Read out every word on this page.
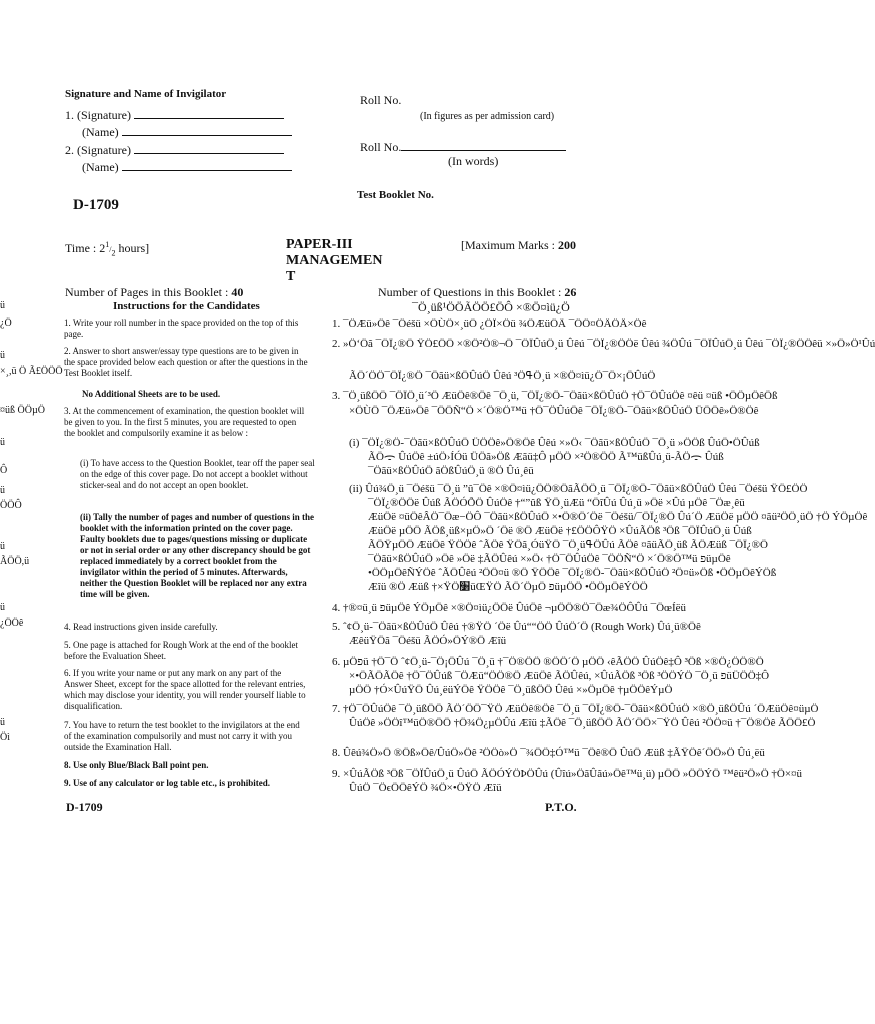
Signature and Name of Invigilator
1. (Signature)
(Name)
2. (Signature)
(Name)
Roll No.
(In figures as per admission card)
Roll No.
(In words)
Test Booklet No.
D-1709
Time : $2^1/_2$ hours]	PAPER-III
MANAGEMEN
T
[Maximum Marks : 200
Number of Pages in this Booklet : 40	Number of Questions in this Booklet : 26
Instructions for the Candidates
1. Write your roll number in the space provided on the top of this page.
2. Answer to short answer/essay type questions are to be given in the space provided below each question or after the questions in the Test Booklet itself.
No Additional Sheets are to be used.
3. At the commencement of examination, the question booklet will be given to you. In the first 5 minutes, you are requested to open the booklet and compulsorily examine it as below :
(i) To have access to the Question Booklet, tear off the paper seal on the edge of this cover page. Do not accept a booklet without sticker-seal and do not accept an open booklet.
(ii) Tally the number of pages and number of questions in the booklet with the information printed on the cover page. Faulty booklets due to pages/questions missing or duplicate or not in serial order or any other discrepancy should be got replaced immediately by a correct booklet from the invigilator within the period of 5 minutes. Afterwards, neither the Question Booklet will be replaced nor any extra time will be given.
4. Read instructions given inside carefully.
5. One page is attached for Rough Work at the end of the booklet before the Evaluation Sheet.
6. If you write your name or put any mark on any part of the Answer Sheet, except for the space allotted for the relevant entries, which may disclose your identity, you will render yourself liable to disqualification.
7. You have to return the test booklet to the invigilators at the end of the examination compulsorily and must not carry it with you outside the Examination Hall.
8. Use only Blue/Black Ball point pen.
9. Use of any calculator or log table etc., is prohibited.
¯Ö¸üß¹ÖÖÃÖÖ£ÖÔ ×®Ö¤ìü¿Ö
1. ¯ÖÆü»Öê ¯Öéšü ×ÖÙÖ×¸üÖ ¿ÖÏ×Öü ¾ÖÆüÖÄ ¯ÖÖ¤ÖÄÖÄ×Öê
2. »Ö‘Öã ¯ÖÏ¿®Ö ŸÖ£ÖÖ ×®Ö²Ö®¬Ö ¯ÖÏÛúÖ¸ü Ûêú ¯ÖÏ¿®ÖÖë Ûêú ¾ÖÛú ¯ÖÏÛúÖ¸ü Ûêú ¯ÖÏ¿®ÖÖêü ×»Ö»Ö¹Ûú
ÃÖ´ÖÖ¯ÖÏ¿®Ö ¯Öãü×ßÖÛúÖ Ûêú ³ÖߟÖ¸ü ×®Ö¤ìü¿Ö¯Ö×¡ÖÛúÖ
3. ¯Ö¸üßÖÖ ¯ÖÏÖ¸ü´³Ö ÆüÖê®Öê ¯Ö¸ü, ¯ÖÏ¿®Ö-¯Öãü×ßÖÛúÖ †Ö¯ÖÛúÖê ¤êü ¤üß •ÖÖµÖêÖß
×ÖÙÖ ¯ÖÆü»Öê ¯ÖÖÑ“Ö ×´Ö®Ö™ü †Ö¯ÖÛúÖê ¯ÖÏ¿®Ö-¯Öãü×ßÖÛúÖ ÜÖÖê»Ö®Öê
(i) ¯ÖÏ¿®Ö-¯Öãü×ßÖÛúÖ ÜÖÖê»Ö®Öê Ûêú ×»Ö‹ ¯Öãü×ßÖÛúÖ ¯Ö¸ü »ÖÖß ÛúÖ•ÖÛúß
ÃÖᯙ ÛúÖê ±úÖ›ÍÓü ÜÖã»Öß Æãü‡Ô µÖÖ ×²Ö®ÖÖ Ã™üßÛú¸ü-ÃÖᯙ Ûúß
¯Öãü×ßÖÛúÖ ãÖßÛúÖ¸ü ®Ö Ûú¸êü
(ii) Ûú¾Ö¸ü ¯Öéšü ¯Ö¸ü ”û¯Öê ×®Ö¤ìü¿ÖÖ®ÖãÃÖÖ¸ü ¯ÖÏ¿®Ö-¯Öãü×ßÖÛúÖ Ûêú ¯Öéšü ŸÖ£ÖÖ
¯ÖÏ¿®ÖÖë Ûúß ÃÖÓܵÖÖ ÛúÖê †“”ûß ŸÖ¸üÆü “ÖîÛú Ûú¸ü »Öë ×Ûú µÖê ¯Öæ¸êü
ÆüÖë ¤üÖêÂÖ¯Öæ−ÖÔ ¯Öãü×ßÖÛúÖ ×•Ö®Ö´Öë ¯Öéšü/¯ÖÏ¿®Ö Ûú´Ö ÆüÖë µÖÖ ¤ãü²ÖÖ¸üÖ †Ö ÝÖµÖê
ÆüÖë µÖÖ ÃÖß¸üß×µÖ»Ö ´Öë ®Ö ÆüÖë †£ÖÖÔŸÖ ×ÛúÃÖß ³Öß ¯ÖÏÛúÖ¸ü Ûúß
ÃÖŸµÖÖ ÆüÖê ŸÖÖê ˆÃÖê ŸÖã¸ÓüŸÖ ¯Ö¸üߟÖÛú ÃÖê ¤ãüÃÖ¸üß ÃÖÆüß ¯ÖÏ¿®Ö
¯Öãü×ßÖÛúÖ »Öê »Öë ‡ÃÖÛêú ×»Ö‹ †Ö¯ÖÛúÖê ¯ÖÖÑ“Ö ×´Ö®Ö™ü פüµÖê
•ÖÖµÖêÑÝÖê ˆÃÖÛêú ²ÖÖ¤ü ®Ö ŸÖÖê ¯ÖÏ¿®Ö-¯Öãü×ßÖÛúÖ ²Ö¤ü»Öß •ÖÖµÖêÝÖß
Æîü ®Ö Æüß †×ŸÖ׸üŒŸÖ ÃÖ´ÖµÖ פüµÖÖ •ÖÖµÖêÝÖÖ
4. †®¤ü¸ü פüµÖê ÝÖµÖê ×®Ö¤ìü¿ÖÖë ÛúÖê ¬µÖÖ®Ö¯Öæ¾ÖÔÛú ¯ÖœÍëü
5. ˆ¢Ö¸ü-¯Öãü×ßÖÛúÖ Ûêú †®ŸÖ ´Öë Ûú““ÖÖ ÛúÖ´Ö (Rough Work) Ûú¸ü®Öê
ÆêüŸÖã ¯Öéšü ÃÖÓ»ÖÝ®Ö Æîü
6. µÖפü †Ö¯Ö ˆ¢Ö¸ü-¯Ö¡ÖÛú ¯Ö¸ü †¯Ö®ÖÖ ®ÖÖ´Ö µÖÖ ‹êÃÖÖ ÛúÖê‡Ô ³Öß ×®Ö¿ÖÖ®Ö
×•ÖÃÖÃÖê †Ö¯ÖÛúß ¯ÖÆü“ÖÖ®Ö ÆüÖê ÃÖÛêú, ×ÛúÃÖß ³Öß ³ÖÖÝÖ ¯Ö¸ü פüÜÖÖ‡Ô
µÖÖ †Ó×ÛúŸÖ Ûú¸ëüÝÖê ŸÖÖê ¯Ö¸üßÖÖ Ûêú ×»ÖµÖê †µÖÖêÝµÖ
7. †Ö¯ÖÛúÖê ¯Ö¸üßÖÖ ÃÖ´ÖÖ¯ŸÖ ÆüÖê®Öê ¯Ö¸ü ¯ÖÏ¿®Ö-¯Öãü×ßÖÛúÖ ×®Ö¸üßÖÛú ´ÖÆüÖê¤üµÖ
ÛúÖê »ÖÖî™üÖ®ÖÖ †Ö¾Ö¿µÖÛú Æîü ‡ÃÖê ¯Ö¸üßÖÖ ÃÖ´ÖÖ×¯ŸÖ Ûêú ²ÖÖ¤ü †¯Ö®Öê ÃÖÖ£Ö
8. Ûêú¾Ö»Ö ®Öß»Öê/ÛúÖ»Öê ²ÖÖò»Ö ¯¾ÖÖ‡Ó™ü ¯Öê®Ö ÛúÖ Æüß ‡ÃŸÖê´ÖÖ»Ö Ûú¸ëü
9. ×ÛúÃÖß ³Öß ¯ÖÏÛúÖ¸ü ÛúÖ ÃÖÓÝÖÞÖÛú (Ûîú»ÖãÛãú»Öê™ü¸ü) µÖÖ »ÖÖÝÖ ™êü²Ö»Ö †Ö×¤ü
ÛúÖ ¯ÖϵÖÖêÝÖ ¾Ö×•ÖŸÖ Æîü
ü
¿Ö
ü
×¸,ü Ö Ã£ÖÖÖ
¤üß ÖÖµÖ
ü
Ô
ü
ÖÖÔ
ü
ÃÖÖ,ü
ü
¿ÖÖê
ü
Öì
D-1709	P.T.O.
